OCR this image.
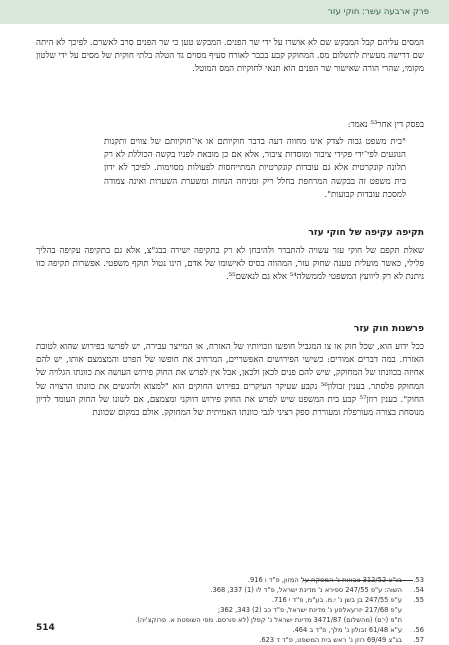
פרק ארבעה עשר: חוקי עזר

המסים עליהם קבל המבקש שם לא אושרו על ידי שר הפנים. המבקש טען כי שר הפנים סרב לאשרם. לפיכך לא היתה שם דרישה מעשית לתשלום מס. המחוקק קבע בכבר לאורח סעיף מסוים גד הטלה בלתי חוקית של מסים על ידי שלטון מקומי, שהרי הורה שאישור שר הפנים הוא תנאי לחוקיות המס המוטל.

בפסק דין אחר⁵³ נאמר:

"בית משפט גבוה לצדק אינו מחווה דעה בדבר חוקיותם או אי־חוקיותם של צווים ותקנות הנוגעים לפי־ידי פקידי ציבור ומוסדות ציבור, אלא אם כן מובאת לפניו בקשה הכוללת לא רק תלונה קונקרטית אלא גם עובדות קונקרטיות המתייחסות לפעולות מסוימות. לפיכך לא ידון בית משפט זה בבקשה המרחפת בחלל ריק ומניחה הנחות ומשערת השערות ואינה צמודה למסכת עובדות קבועות".

תקיפה עקיפה של חוקי עזר

שאלת תקפם של חוקי עזר עשויה להתברר ולהיבחן לא רק בתקיפה ישירה בבג"צ, אלא גם בתקיפה עקיפה בהליך פלילי, כאשר מועלית טענה שחוק עזר, המהווה בסיס לאישומו של אדם, הינו נטול תוקף משפטי. אפשרות תקיפה כזו ניתנת לא רק ליוועץ המשפטי לממשלה⁵⁴ אלא גם לנאשם⁵⁵.

פרשנות חוק עזר

ככל ידוע הוא, שכל חוק או צו המגביל חופשו וזכויותיו של האזרח, או המייצר עבירה, יש לפרשו בפירוש שהוא לטובת האזרח. במה דברים אמורים: כשישי הפירושים האפשריים, המרחיב את חופשו של הפרט והמצמצם אותו, יש להם אחיזה בכוונתו של המחוקק, שיש להם פנים לכאן ולכאן, אבל אין לפרש את החוק פירוש העושה את כוונתו הגלויה של המחוקק פלסתר. בענין זבולון⁵⁶ נקבע שעיקר העיקרים בפירוש החוקים הוא "למצוא ולהגשים את כוונתו הרצויה של החוק". בענין רוזן⁵⁷ קבע בית המשפט שיש לפרש את החוק פירוש דווקני ומצמצם, אם לשונו של החוק העומד לדיון מנוסחת בצורה מעורפלת ומעוררת ספק רציני לגבי כוונתו האמיתית של המחוקק. אולם במקום שכוונת

53.
בג"צ 312/52 צבאות נ' המפקח על המזון, פ"ד ו 916.
54.
השוה: ע"פ 247/55 ספירא נ' מדינת ישראל, פ"ד לו (1) 337, 368.
55.
ע"פ 247/55 בן בשן נ' י.מ. בע"מ, פ"ד י 716.
ע"פ 217/68 יזרעאלפע נ' מדינת ישראל, פ"ד כב (2) 343, 362;
ת"פ (י־ם) (מהשלום) 3471/87 מדינת ישראל נ' קפלן (לא פורסם. מפי השופטת א. פרוקצ'יה).
56.
ע"א 61/48 זבולון נ' מלך, פ"ד ב 464.
57.
בג"צ 69/49 רוזן נ' ראש בית המשפט, פ"ד ד 623.
514
